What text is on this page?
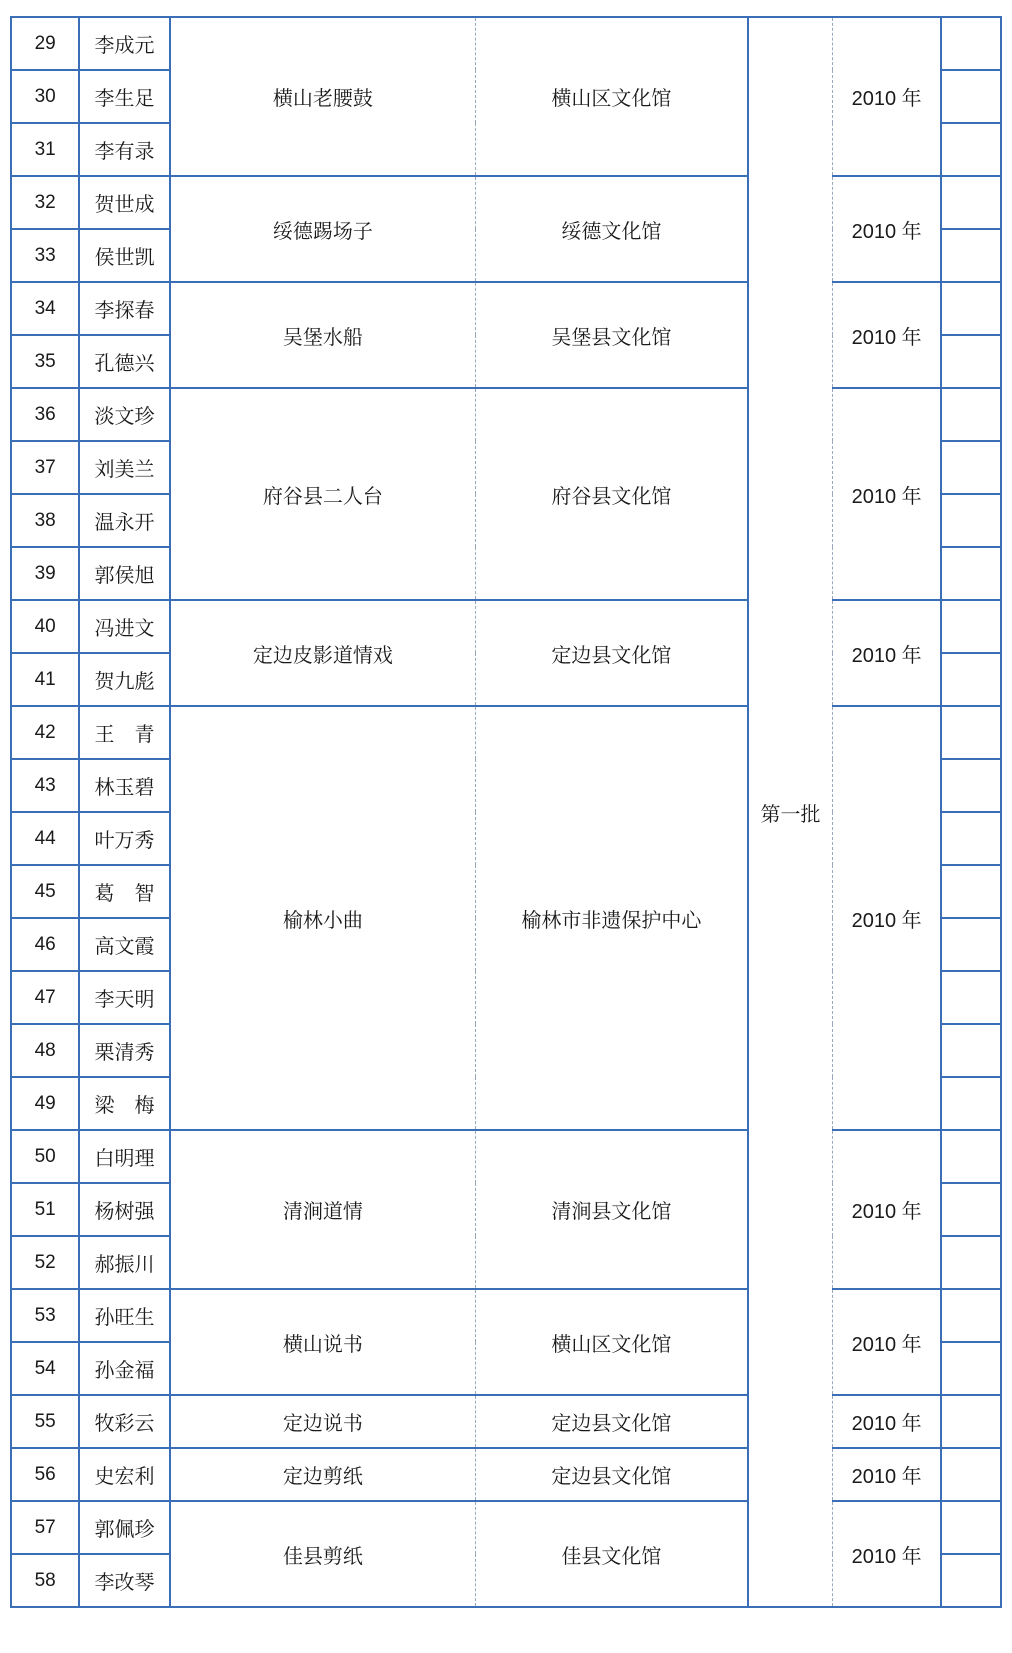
29	李成元	横山老腰鼓	横山区文化馆	第一批	2010 年	
30	李生足					
31	李有录					
32	贺世成	绥德踢场子	绥德文化馆		2010 年	
33	侯世凯					
34	李探春	吴堡水船	吴堡县文化馆		2010 年	
35	孔德兴					
36	淡文珍	府谷县二人台	府谷县文化馆		2010 年	
37	刘美兰					
38	温永开					
39	郭侯旭					
40	冯进文	定边皮影道情戏	定边县文化馆		2010 年	
41	贺九彪					
42	王　青	榆林小曲	榆林市非遗保护中心		2010 年	
43	林玉碧					
44	叶万秀					
45	葛　智					
46	高文霞					
47	李天明					
48	栗清秀					
49	梁　梅					
50	白明理	清涧道情	清涧县文化馆		2010 年	
51	杨树强					
52	郝振川					
53	孙旺生	横山说书	横山区文化馆		2010 年	
54	孙金福					
55	牧彩云	定边说书	定边县文化馆		2010 年	
56	史宏利	定边剪纸	定边县文化馆		2010 年	
57	郭佩珍	佳县剪纸	佳县文化馆		2010 年	
58	李改琴					
